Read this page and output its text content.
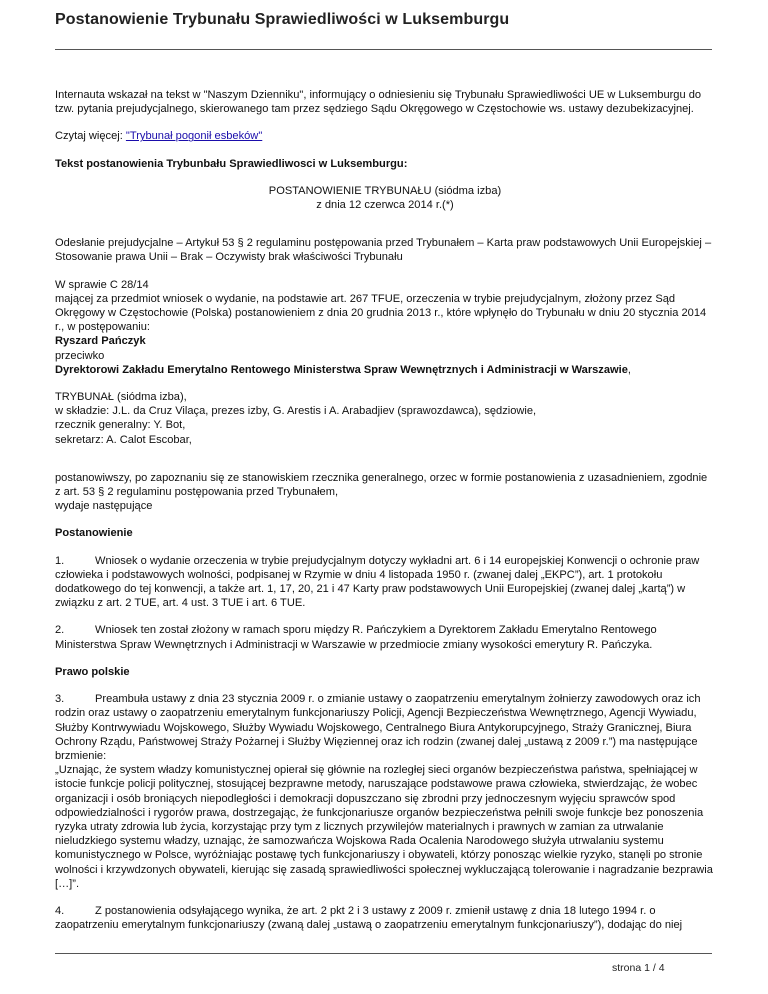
Postanowienie Trybunału Sprawiedliwości w Luksemburgu

Internauta wskazał na tekst w "Naszym Dzienniku", informujący o odniesieniu się Trybunału Sprawiedliwości UE w Luksemburgu do tzw. pytania prejudycjalnego, skierowanego tam przez sędziego Sądu Okręgowego w Częstochowie ws. ustawy dezubekizacyjnej.

Czytaj więcej: "Trybunał pogonił esbeków"

Tekst postanowienia Trybunbału Sprawiedliwosci w Luksemburgu:

POSTANOWIENIE TRYBUNAŁU (siódma izba)
z dnia 12 czerwca 2014 r.(*)

Odesłanie prejudycjalne – Artykuł 53 § 2 regulaminu postępowania przed Trybunałem – Karta praw podstawowych Unii Europejskiej – Stosowanie prawa Unii – Brak – Oczywisty brak właściwości Trybunału

W sprawie C 28/14
mającej za przedmiot wniosek o wydanie, na podstawie art. 267 TFUE, orzeczenia w trybie prejudycjalnym, złożony przez Sąd Okręgowy w Częstochowie (Polska) postanowieniem z dnia 20 grudnia 2013 r., które wpłynęło do Trybunału w dniu 20 stycznia 2014 r., w postępowaniu:
Ryszard Pańczyk
przeciwko
Dyrektorowi Zakładu Emerytalno Rentowego Ministerstwa Spraw Wewnętrznych i Administracji w Warszawie,

TRYBUNAŁ (siódma izba),
w składzie: J.L. da Cruz Vilaça, prezes izby, G. Arestis i A. Arabadjiev (sprawozdawca), sędziowie,
rzecznik generalny: Y. Bot,
sekretarz: A. Calot Escobar,

postanowiwszy, po zapoznaniu się ze stanowiskiem rzecznika generalnego, orzec w formie postanowienia z uzasadnieniem, zgodnie z art. 53 § 2 regulaminu postępowania przed Trybunałem,
wydaje następujące

Postanowienie

1.	Wniosek o wydanie orzeczenia w trybie prejudycjalnym dotyczy wykładni art. 6 i 14 europejskiej Konwencji o ochronie praw człowieka i podstawowych wolności, podpisanej w Rzymie w dniu 4 listopada 1950 r. (zwanej dalej „EKPC”), art. 1 protokołu dodatkowego do tej konwencji, a także art. 1, 17, 20, 21 i 47 Karty praw podstawowych Unii Europejskiej (zwanej dalej „kartą”) w związku z art. 2 TUE, art. 4 ust. 3 TUE i art. 6 TUE.

2.	Wniosek ten został złożony w ramach sporu między R. Pańczykiem a Dyrektorem Zakładu Emerytalno Rentowego Ministerstwa Spraw Wewnętrznych i Administracji w Warszawie w przedmiocie zmiany wysokości emerytury R. Pańczyka.

Prawo polskie

3.	Preambuła ustawy z dnia 23 stycznia 2009 r. o zmianie ustawy o zaopatrzeniu emerytalnym żołnierzy zawodowych oraz ich rodzin oraz ustawy o zaopatrzeniu emerytalnym funkcjonariuszy Policji, Agencji Bezpieczeństwa Wewnętrznego, Agencji Wywiadu, Służby Kontrwywiadu Wojskowego, Służby Wywiadu Wojskowego, Centralnego Biura Antykorupcyjnego, Straży Granicznej, Biura Ochrony Rządu, Państwowej Straży Pożarnej i Służby Więziennej oraz ich rodzin (zwanej dalej „ustawą z 2009 r.”) ma następujące brzmienie:
„Uznając, że system władzy komunistycznej opierał się głównie na rozległej sieci organów bezpieczeństwa państwa, spełniającej w istocie funkcje policji politycznej, stosującej bezprawne metody, naruszające podstawowe prawa człowieka, stwierdzając, że wobec organizacji i osób broniących niepodległości i demokracji dopuszczano się zbrodni przy jednoczesnym wyjęciu sprawców spod odpowiedzialności i rygorów prawa, dostrzegając, że funkcjonariusze organów bezpieczeństwa pełnili swoje funkcje bez ponoszenia ryzyka utraty zdrowia lub życia, korzystając przy tym z licznych przywilejów materialnych i prawnych w zamian za utrwalanie nieludzkiego systemu władzy, uznając, że samozwańcza Wojskowa Rada Ocalenia Narodowego służyła utrwalaniu systemu komunistycznego w Polsce, wyróżniając postawę tych funkcjonariuszy i obywateli, którzy ponosząc wielkie ryzyko, stanęli po stronie wolności i krzywdzonych obywateli, kierując się zasadą sprawiedliwości społecznej wykluczającą tolerowanie i nagradzanie bezprawia […]”.

4.	Z postanowienia odsyłającego wynika, że art. 2 pkt 2 i 3 ustawy z 2009 r. zmienił ustawę z dnia 18 lutego 1994 r. o zaopatrzeniu emerytalnym funkcjonariuszy (zwaną dalej „ustawą o zaopatrzeniu emerytalnym funkcjonariuszy”), dodając do niej

strona 1 / 4
